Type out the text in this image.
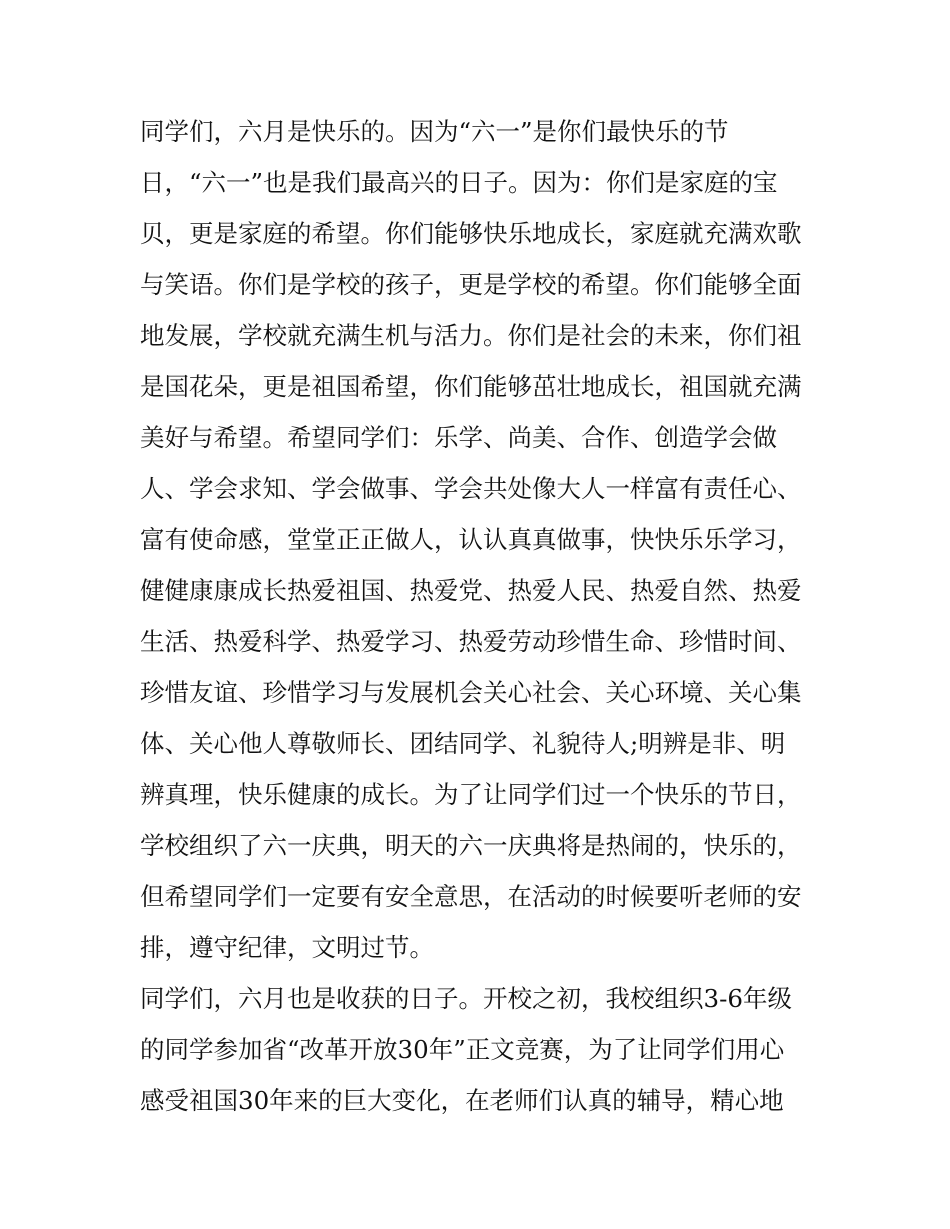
同学们，六月是快乐的。因为“六一”是你们最快乐的节
日，“六一”也是我们最高兴的日子。因为：你们是家庭的宝
贝，更是家庭的希望。你们能够快乐地成长，家庭就充满欢歌
与笑语。你们是学校的孩子，更是学校的希望。你们能够全面
地发展，学校就充满生机与活力。你们是社会的未来，你们祖
是国花朵，更是祖国希望，你们能够茁壮地成长，祖国就充满
美好与希望。希望同学们：乐学、尚美、合作、创造学会做
人、学会求知、学会做事、学会共处像大人一样富有责任心、
富有使命感，堂堂正正做人，认认真真做事，快快乐乐学习，
健健康康成长热爱祖国、热爱党、热爱人民、热爱自然、热爱
生活、热爱科学、热爱学习、热爱劳动珍惜生命、珍惜时间、
珍惜友谊、珍惜学习与发展机会关心社会、关心环境、关心集
体、关心他人尊敬师长、团结同学、礼貌待人;明辨是非、明
辨真理，快乐健康的成长。为了让同学们过一个快乐的节日，
学校组织了六一庆典，明天的六一庆典将是热闹的，快乐的，
但希望同学们一定要有安全意思，在活动的时候要听老师的安
排，遵守纪律，文明过节。
同学们，六月也是收获的日子。开校之初，我校组织3-6年级
的同学参加省“改革开放30年”正文竞赛，为了让同学们用心
感受祖国30年来的巨大变化，在老师们认真的辅导，精心地
